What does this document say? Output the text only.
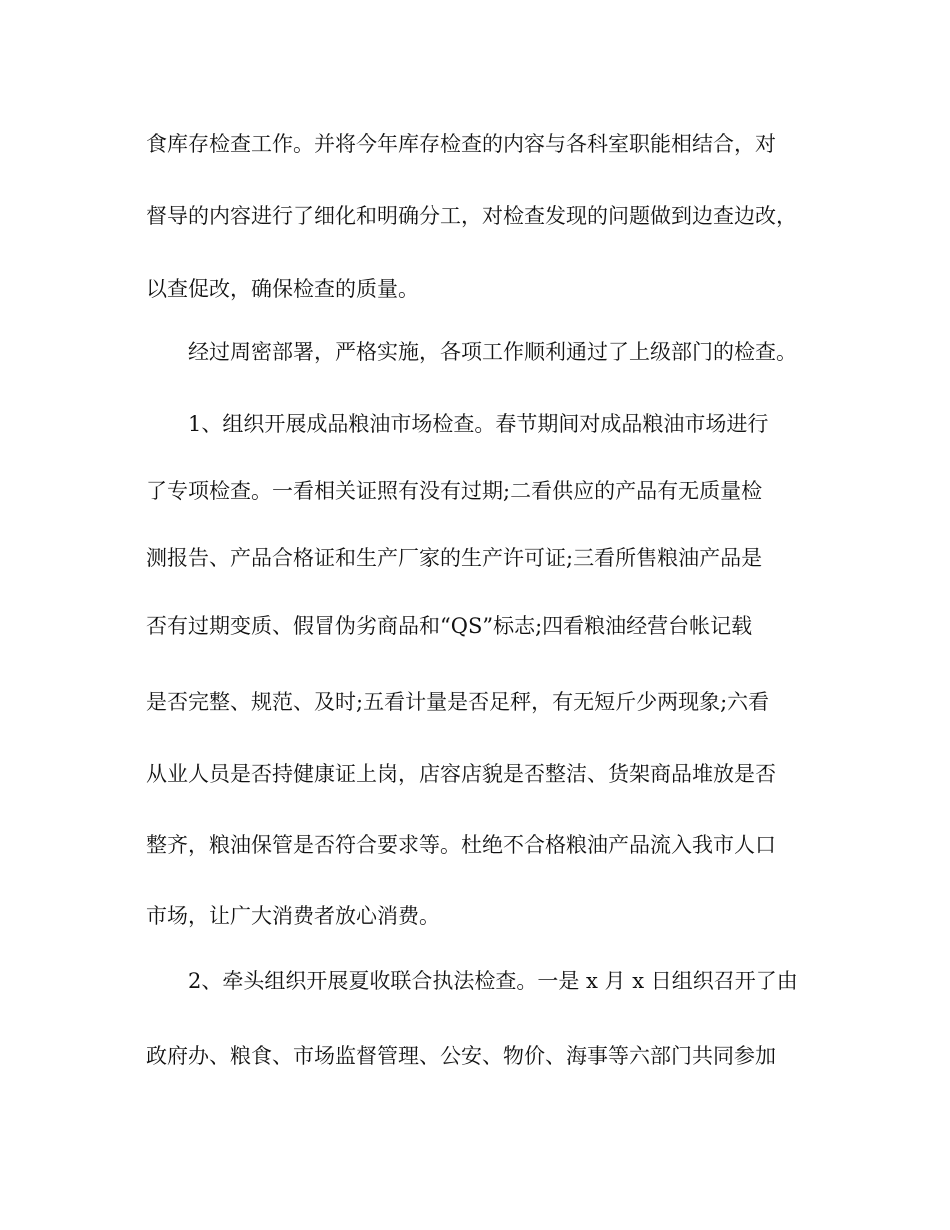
食库存检查工作。并将今年库存检查的内容与各科室职能相结合，对
督导的内容进行了细化和明确分工，对检查发现的问题做到边查边改，
以查促改，确保检查的质量。
经过周密部署，严格实施，各项工作顺利通过了上级部门的检查。
1、组织开展成品粮油市场检查。春节期间对成品粮油市场进行
了专项检查。一看相关证照有没有过期;二看供应的产品有无质量检
测报告、产品合格证和生产厂家的生产许可证;三看所售粮油产品是
否有过期变质、假冒伪劣商品和“QS”标志;四看粮油经营台帐记载
是否完整、规范、及时;五看计量是否足秤，有无短斤少两现象;六看
从业人员是否持健康证上岗，店容店貌是否整洁、货架商品堆放是否
整齐，粮油保管是否符合要求等。杜绝不合格粮油产品流入我市人口
市场，让广大消费者放心消费。
2、牵头组织开展夏收联合执法检查。一是 x 月 x 日组织召开了由
政府办、粮食、市场监督管理、公安、物价、海事等六部门共同参加
